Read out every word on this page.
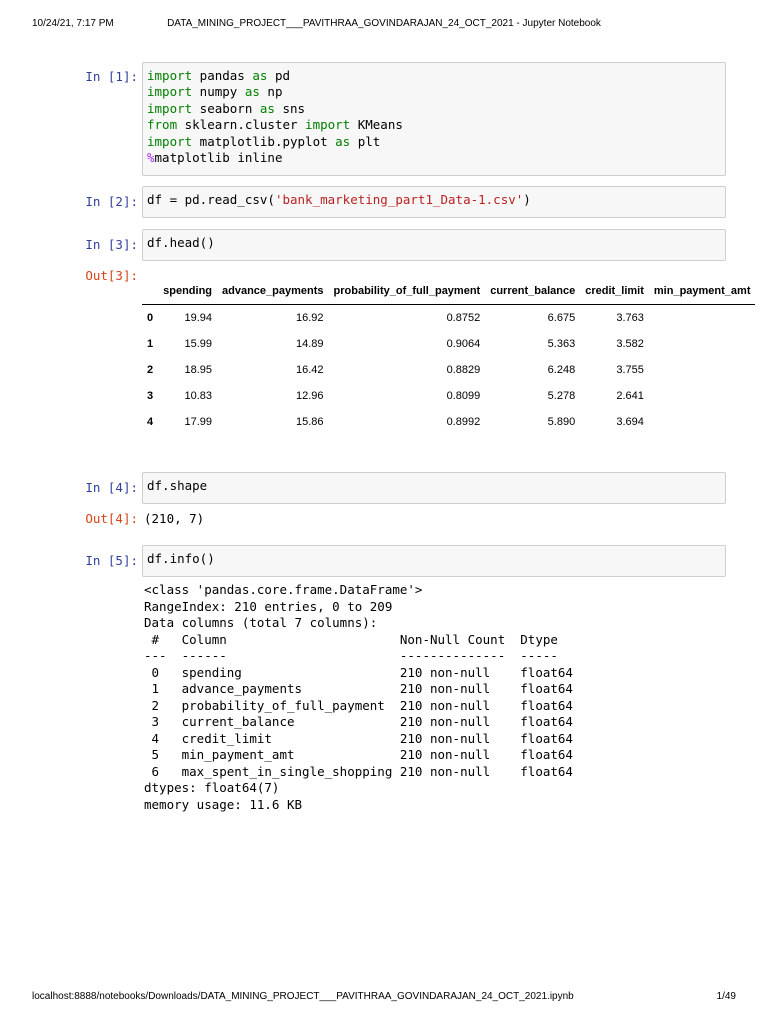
10/24/21, 7:17 PM	DATA_MINING_PROJECT___PAVITHRAA_GOVINDARAJAN_24_OCT_2021 - Jupyter Notebook
In [1]: import pandas as pd
import numpy as np
import seaborn as sns
from sklearn.cluster import KMeans
import matplotlib.pyplot as plt
%matplotlib inline
In [2]: df = pd.read_csv('bank_marketing_part1_Data-1.csv')
In [3]: df.head()
Out[3]:
	spending	advance_payments	probability_of_full_payment	current_balance	credit_limit	min_payment_amt
0	19.94	16.92	0.8752	6.675	3.763	
1	15.99	14.89	0.9064	5.363	3.582	
2	18.95	16.42	0.8829	6.248	3.755	
3	10.83	12.96	0.8099	5.278	2.641	
4	17.99	15.86	0.8992	5.890	3.694	
In [4]: df.shape
Out[4]: (210, 7)
In [5]: df.info()
<class 'pandas.core.frame.DataFrame'>
RangeIndex: 210 entries, 0 to 209
Data columns (total 7 columns):
#   Column                       Non-Null Count  Dtype
---  ------                       --------------  -----
0   spending                     210 non-null    float64
1   advance_payments             210 non-null    float64
2   probability_of_full_payment  210 non-null    float64
3   current_balance              210 non-null    float64
4   credit_limit                 210 non-null    float64
5   min_payment_amt              210 non-null    float64
6   max_spent_in_single_shopping 210 non-null    float64
dtypes: float64(7)
memory usage: 11.6 KB
localhost:8888/notebooks/Downloads/DATA_MINING_PROJECT___PAVITHRAA_GOVINDARAJAN_24_OCT_2021.ipynb	1/49
